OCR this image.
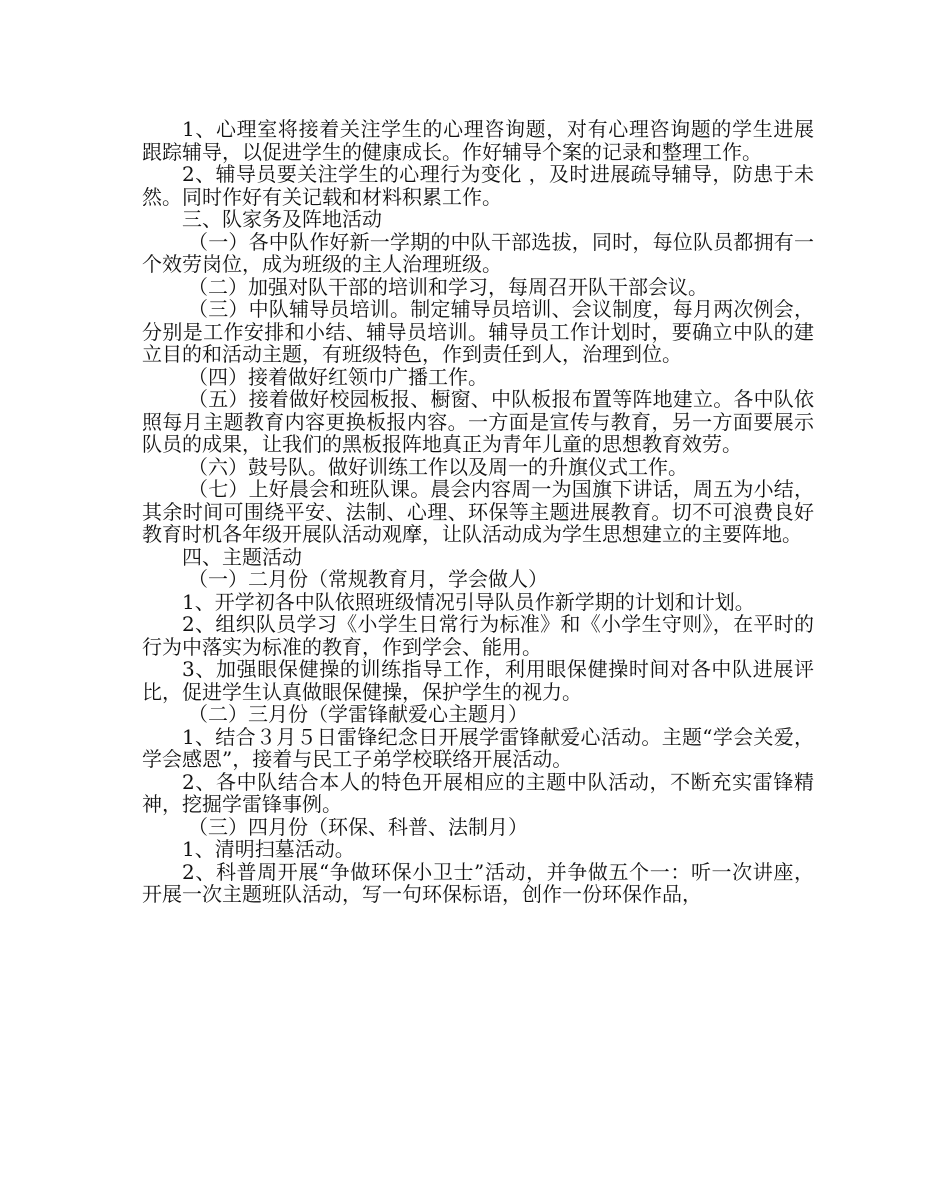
1、心理室将接着关注学生的心理咨询题，对有心理咨询题的学生进展跟踪辅导，以促进学生的健康成长。作好辅导个案的记录和整理工作。

2、辅导员要关注学生的心理行为变化 ，及时进展疏导辅导，防患于未然。同时作好有关记载和材料积累工作。

三、队家务及阵地活动

（一）各中队作好新一学期的中队干部选拔，同时，每位队员都拥有一个效劳岗位，成为班级的主人治理班级。

（二）加强对队干部的培训和学习，每周召开队干部会议。

（三）中队辅导员培训。制定辅导员培训、会议制度，每月两次例会，分别是工作安排和小结、辅导员培训。辅导员工作计划时，要确立中队的建立目的和活动主题，有班级特色，作到责任到人，治理到位。

（四）接着做好红领巾广播工作。

（五）接着做好校园板报、橱窗、中队板报布置等阵地建立。各中队依照每月主题教育内容更换板报内容。一方面是宣传与教育，另一方面要展示队员的成果，让我们的黑板报阵地真正为青年儿童的思想教育效劳。

（六）鼓号队。做好训练工作以及周一的升旗仪式工作。

（七）上好晨会和班队课。晨会内容周一为国旗下讲话，周五为小结，其余时间可围绕平安、法制、心理、环保等主题进展教育。切不可浪费良好教育时机各年级开展队活动观摩，让队活动成为学生思想建立的主要阵地。

四、主题活动

（一）二月份（常规教育月，学会做人）

1、开学初各中队依照班级情况引导队员作新学期的计划和计划。

2、组织队员学习《小学生日常行为标准》和《小学生守则》，在平时的行为中落实为标准的教育，作到学会、能用。

3、加强眼保健操的训练指导工作，利用眼保健操时间对各中队进展评比，促进学生认真做眼保健操，保护学生的视力。

（二）三月份（学雷锋献爱心主题月）

1、结合３月５日雷锋纪念日开展学雷锋献爱心活动。主题“学会关爱，学会感恩”，接着与民工子弟学校联络开展活动。

2、各中队结合本人的特色开展相应的主题中队活动，不断充实雷锋精神，挖掘学雷锋事例。

（三）四月份（环保、科普、法制月）

1、清明扫墓活动。

2、科普周开展“争做环保小卫士”活动，并争做五个一：听一次讲座，开展一次主题班队活动，写一句环保标语，创作一份环保作品，
